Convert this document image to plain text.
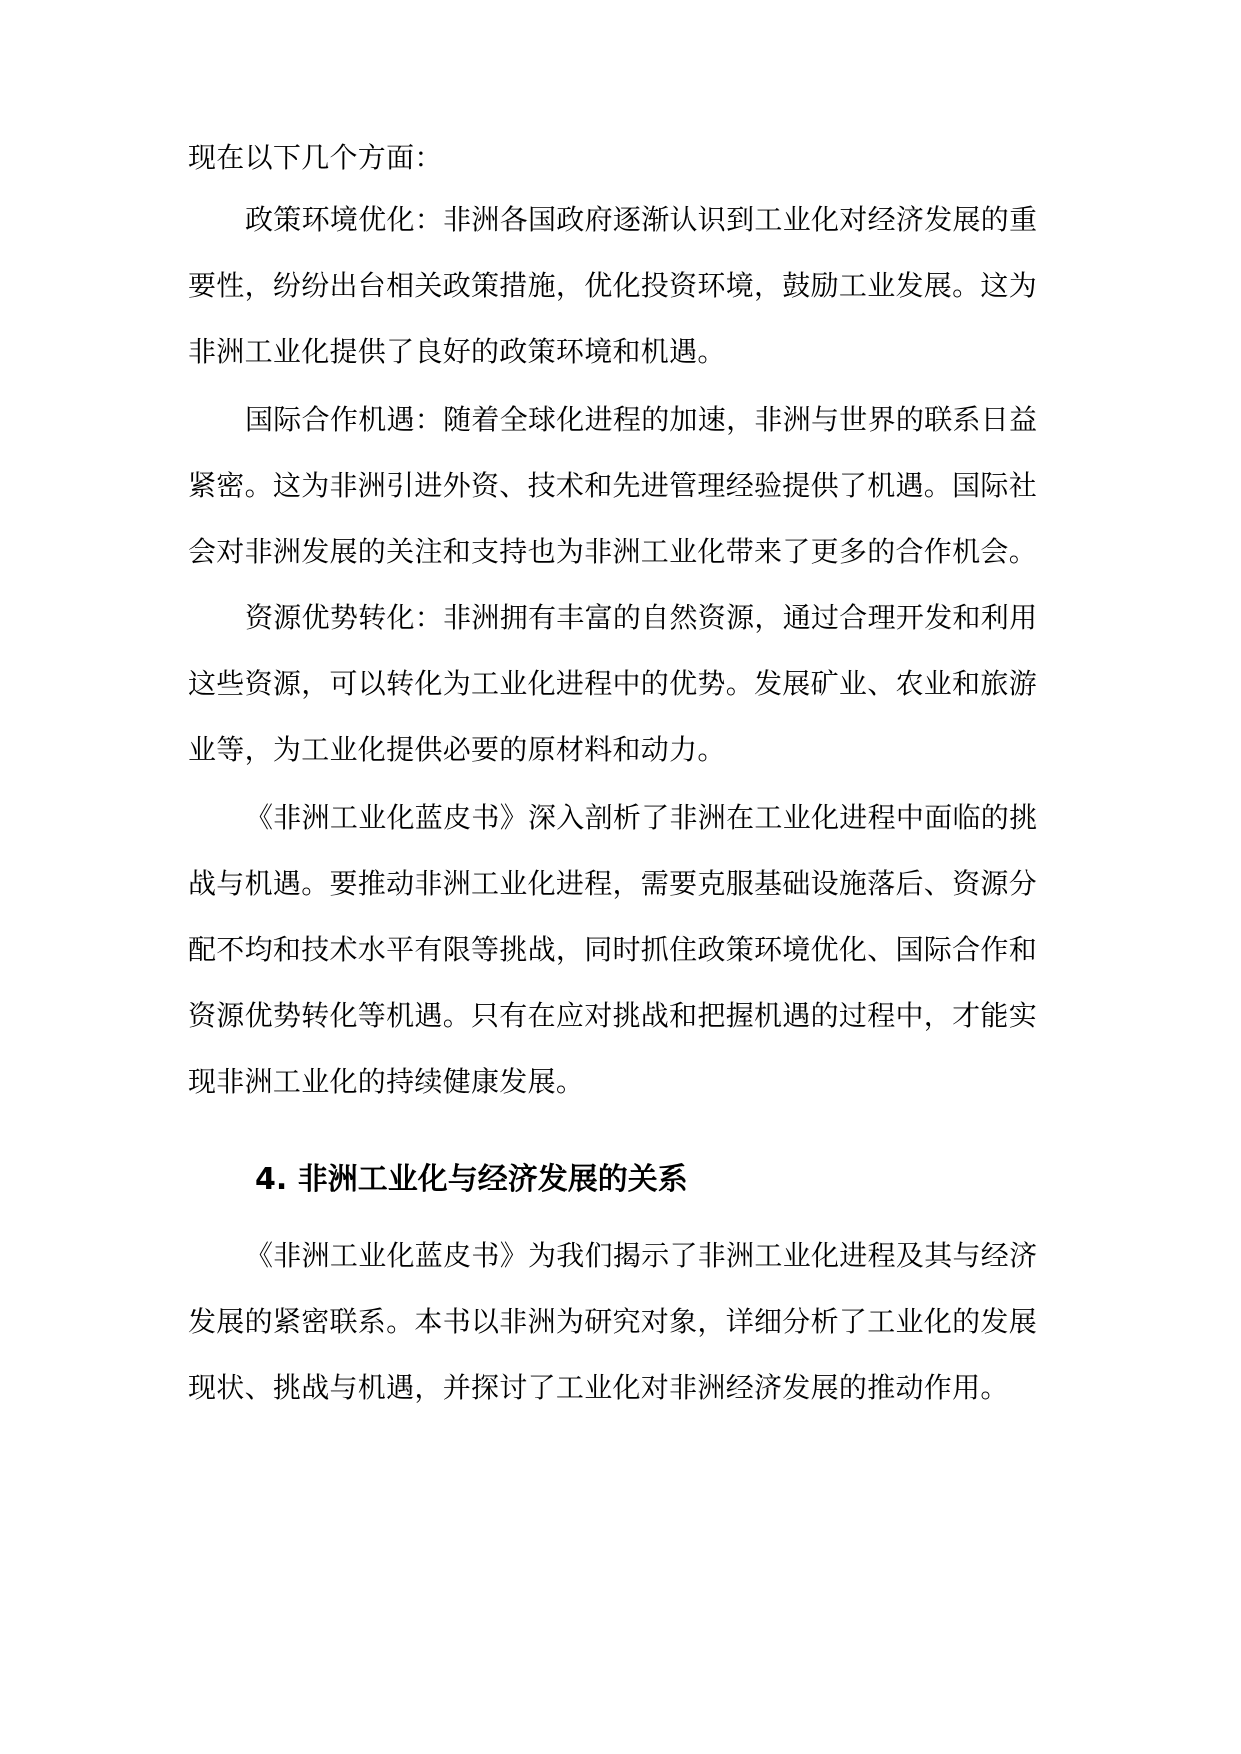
现在以下几个方面：

政策环境优化：非洲各国政府逐渐认识到工业化对经济发展的重

要性，纷纷出台相关政策措施，优化投资环境，鼓励工业发展。这为

非洲工业化提供了良好的政策环境和机遇。

国际合作机遇：随着全球化进程的加速，非洲与世界的联系日益

紧密。这为非洲引进外资、技术和先进管理经验提供了机遇。国际社

会对非洲发展的关注和支持也为非洲工业化带来了更多的合作机会。

资源优势转化：非洲拥有丰富的自然资源，通过合理开发和利用

这些资源，可以转化为工业化进程中的优势。发展矿业、农业和旅游

业等，为工业化提供必要的原材料和动力。

《非洲工业化蓝皮书》深入剖析了非洲在工业化进程中面临的挑

战与机遇。要推动非洲工业化进程，需要克服基础设施落后、资源分

配不均和技术水平有限等挑战，同时抓住政策环境优化、国际合作和

资源优势转化等机遇。只有在应对挑战和把握机遇的过程中，才能实

现非洲工业化的持续健康发展。

4. 非洲工业化与经济发展的关系

《非洲工业化蓝皮书》为我们揭示了非洲工业化进程及其与经济

发展的紧密联系。本书以非洲为研究对象，详细分析了工业化的发展

现状、挑战与机遇，并探讨了工业化对非洲经济发展的推动作用。
